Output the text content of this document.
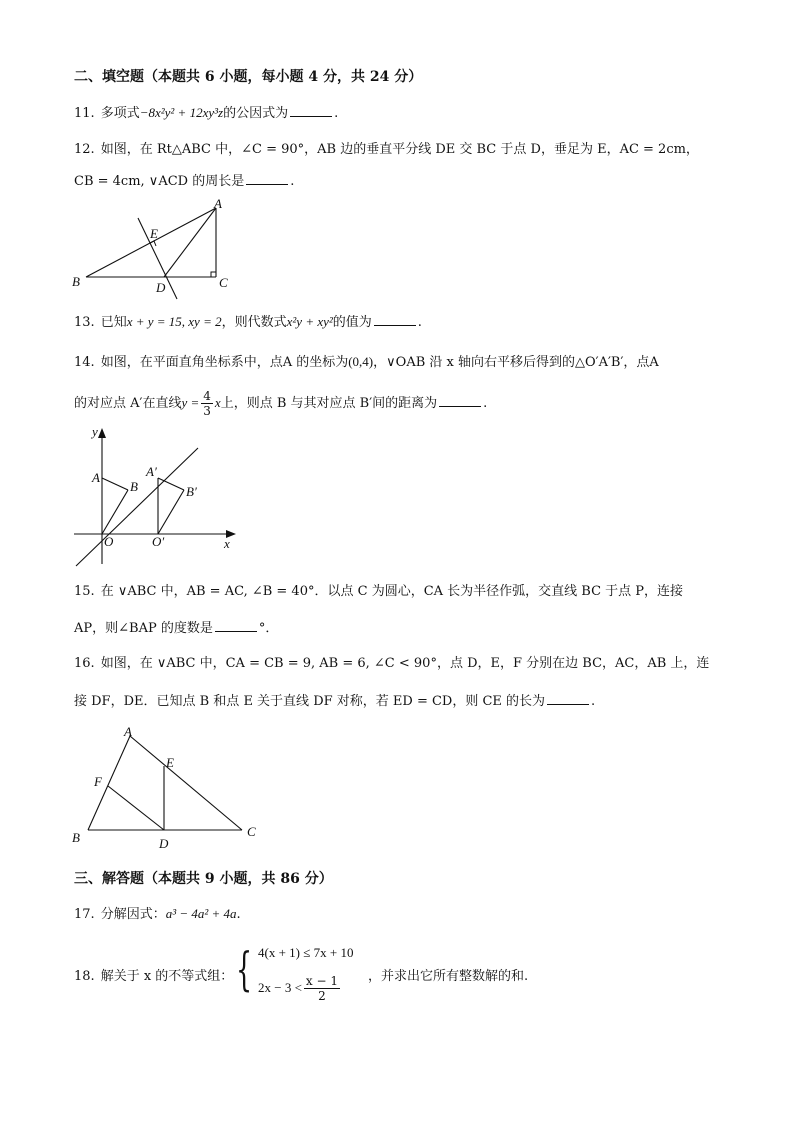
二、填空题（本题共 6 小题，每小题 4 分，共 24 分）
11. 多项式−8x²y² + 12xy³z的公因式为	.
12. 如图，在 Rt△ABC 中，∠C = 90°，AB 边的垂直平分线 DE 交 BC 于点 D，垂足为 E，AC = 2cm，
CB = 4cm, ∨ACD 的周长是	.
A
B	C
D
E
13. 已知x + y = 15, xy = 2，则代数式x²y + xy²的值为	.
14. 如图，在平面直角坐标系中，点A 的坐标为(0,4)，∨OAB 沿 x 轴向右平移后得到的△O′A′B′，点A
的对应点 A′在直线$y = \frac{4}{3}$ x上，则点 B 与其对应点 B′间的距离为	.
y
x
A
B
A′
B′
O	O′
15. 在 ∨ABC 中，AB = AC, ∠B = 40°．以点 C 为圆心，CA 长为半径作弧，交直线 BC 于点 P，连接
AP，则∠BAP 的度数是	°．
16. 如图，在 ∨ABC 中，CA = CB = 9, AB = 6, ∠C < 90°，点 D，E，F 分别在边 BC，AC，AB 上，连
接 DF，DE．已知点 B 和点 E 关于直线 DF 对称，若 ED = CD，则 CE 的长为	.
A
B	C
D
E
F
三、解答题（本题共 9 小题，共 86 分）
17. 分解因式：a³ − 4a² + 4a.
18. 解关于 x 的不等式组： { 4(x + 1) ≤ 7x + 10
$2x - 3 < \frac{x - 1}{2}$ ，并求出它所有整数解的和.
